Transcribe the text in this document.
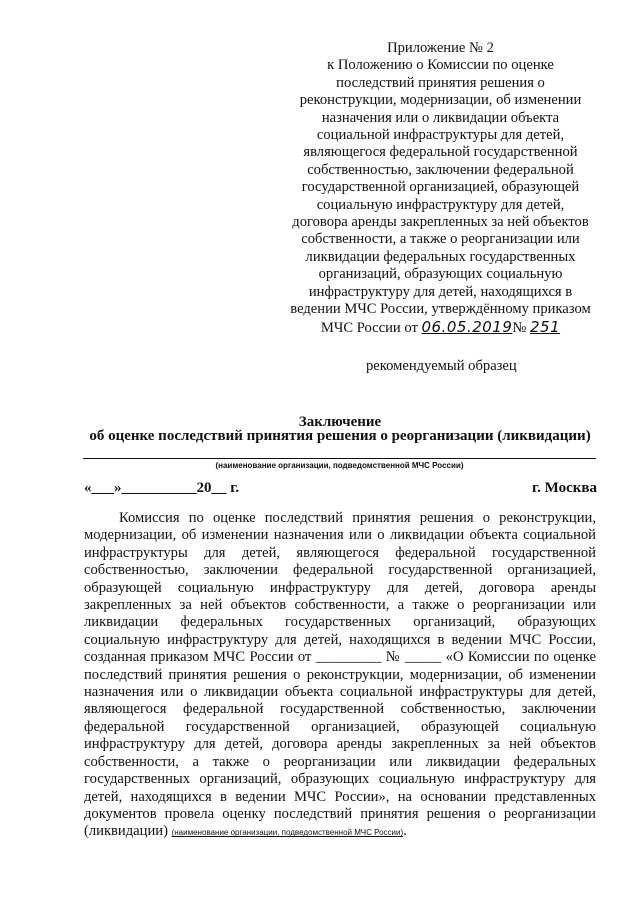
Приложение № 2
к Положению о Комиссии по оценке
последствий принятия решения о
реконструкции, модернизации, об изменении
назначения или о ликвидации объекта
социальной инфраструктуры для детей,
являющегося федеральной государственной
собственностью, заключении федеральной
государственной организацией, образующей
социальную инфраструктуру для детей,
договора аренды закрепленных за ней объектов
собственности, а также о реорганизации или
ликвидации федеральных государственных
организаций, образующих социальную
инфраструктуру для детей, находящихся в
ведении МЧС России, утверждённому приказом
МЧС России от 06.05.2019№ 251
рекомендуемый образец
Заключение
об оценке последствий принятия решения о реорганизации (ликвидации)
(наименование организации, подведомственной МЧС России)
«___»__________20__ г.	г. Москва
Комиссия по оценке последствий принятия решения о реконструкции,
модернизации, об изменении назначения или о ликвидации объекта социальной
инфраструктуры для детей, являющегося федеральной государственной
собственностью, заключении федеральной государственной организацией,
образующей социальную инфраструктуру для детей, договора аренды
закрепленных за ней объектов собственности, а также о реорганизации или
ликвидации федеральных государственных организаций, образующих
социальную инфраструктуру для детей, находящихся в ведении МЧС России,
созданная приказом МЧС России от _________ № _____ «О Комиссии по оценке
последствий принятия решения о реконструкции, модернизации, об изменении
назначения или о ликвидации объекта социальной инфраструктуры для детей,
являющегося федеральной государственной собственностью, заключении
федеральной государственной организацией, образующей социальную
инфраструктуру для детей, договора аренды закрепленных за ней объектов
собственности, а также о реорганизации или ликвидации федеральных
государственных организаций, образующих социальную инфраструктуру для
детей, находящихся в ведении МЧС России», на основании представленных
документов провела оценку последствий принятия решения о реорганизации
(ликвидации) (наименование организации, подведомственной МЧС России).
